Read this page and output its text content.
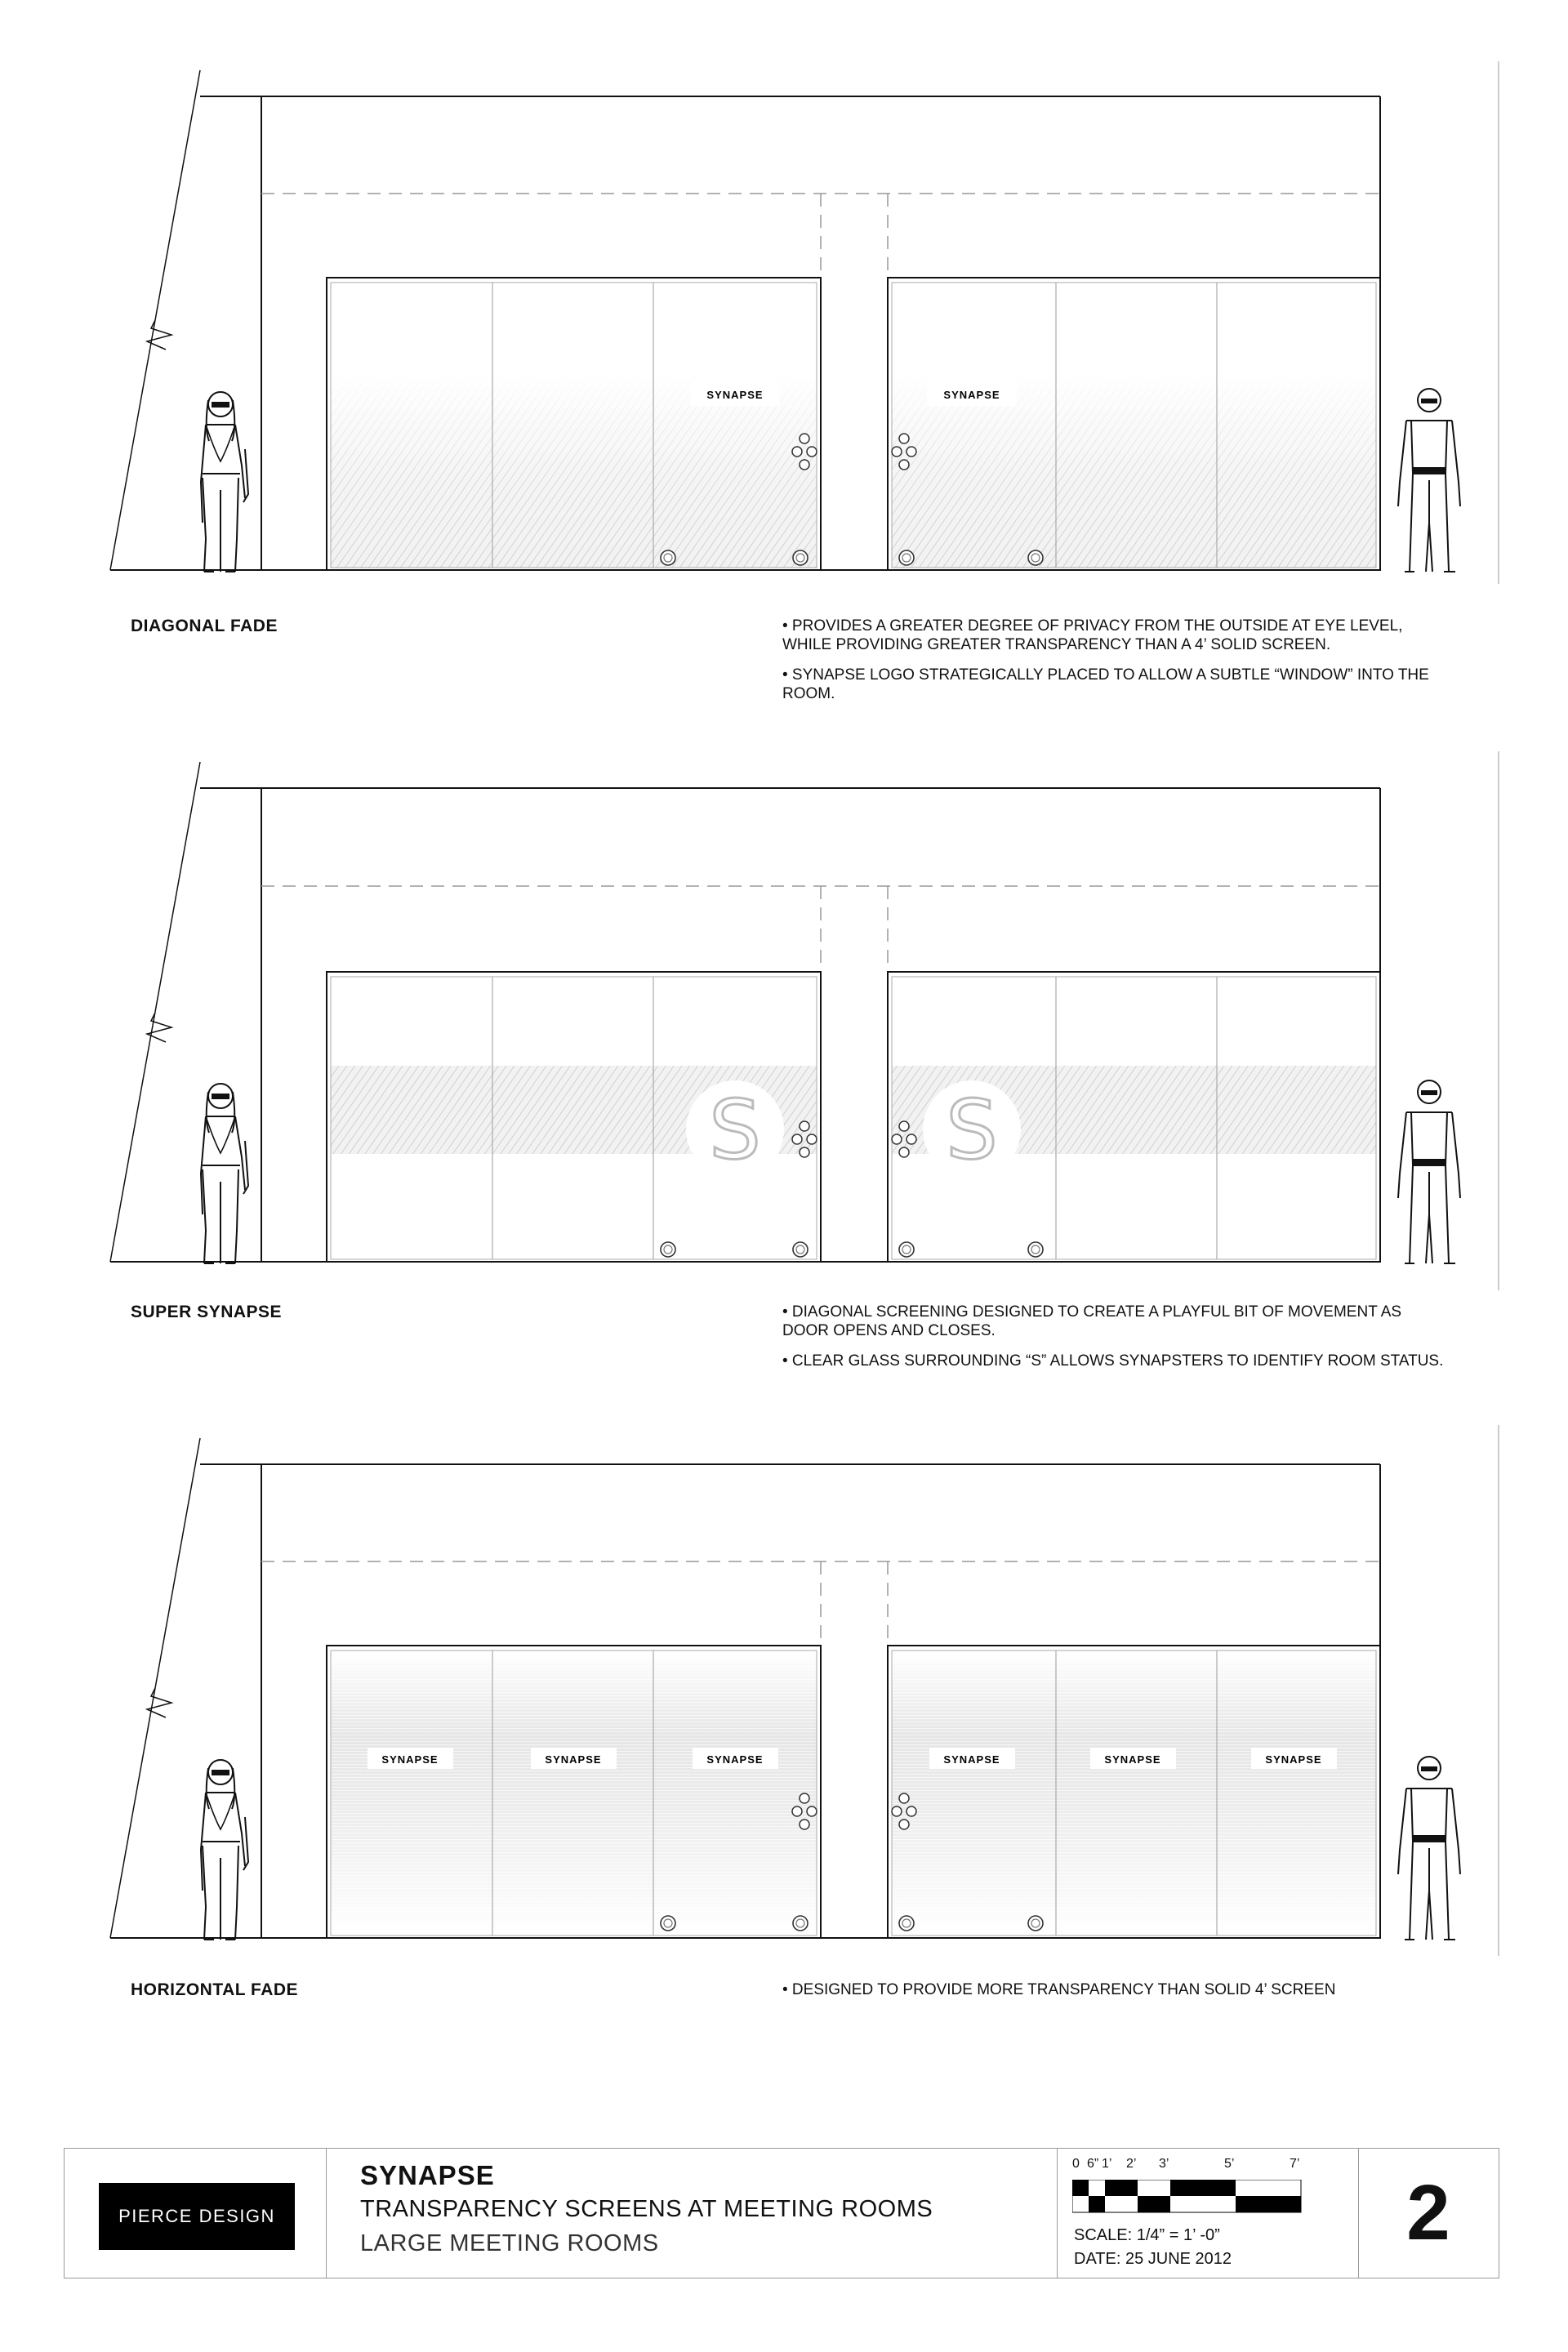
SYNAPSE	SYNAPSE
S S
SYNAPSE	SYNAPSE	SYNAPSE	SYNAPSE	SYNAPSE	SYNAPSE
DIAGONAL FADE	• PROVIDES A GREATER DEGREE OF PRIVACY FROM THE OUTSIDE AT EYE LEVEL, WHILE PROVIDING GREATER TRANSPARENCY THAN A 4’ SOLID SCREEN.

• SYNAPSE LOGO STRATEGICALLY PLACED TO ALLOW A SUBTLE “WINDOW” INTO THE ROOM.

SUPER SYNAPSE	• DIAGONAL SCREENING DESIGNED TO CREATE A PLAYFUL BIT OF MOVEMENT AS DOOR OPENS AND CLOSES.

• CLEAR GLASS SURROUNDING “S” ALLOWS SYNAPSTERS TO IDENTIFY ROOM STATUS.

HORIZONTAL FADE	• DESIGNED TO PROVIDE MORE TRANSPARENCY THAN SOLID 4’ SCREEN

PIERCE DESIGN
SYNAPSE
TRANSPARENCY SCREENS AT MEETING ROOMS
LARGE MEETING ROOMS
0 6” 1’ 2’ 3’	5’	7’
SCALE: 1/4” = 1’ -0”
DATE: 25 JUNE 2012
2
